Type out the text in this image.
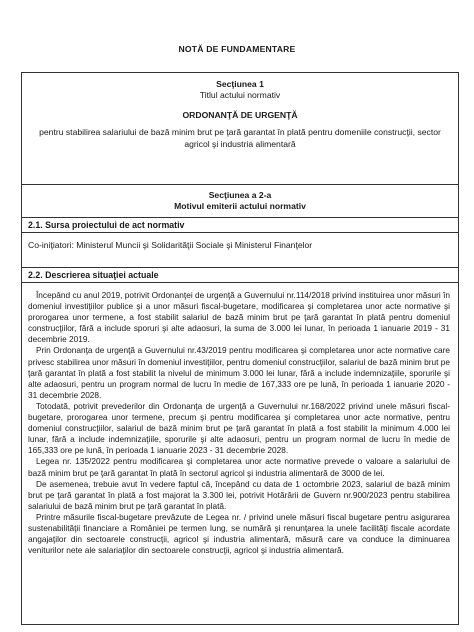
NOTĂ DE FUNDAMENTARE
Secţiunea 1
Titlul actului normativ
ORDONANŢĂ DE URGENŢĂ
pentru stabilirea salariului de bază minim brut pe ţară garantat în plată pentru domeniile construcţii, sector agricol şi industria alimentară
Secţiunea a 2-a
Motivul emiterii actului normativ
2.1. Sursa proiectului de act normativ
Co-iniţiatori: Ministerul Muncii şi Solidarităţii Sociale şi Ministerul Finanţelor
2.2. Descrierea situaţiei actuale

Începând cu anul 2019, potrivit Ordonanţei de urgenţă a Guvernului nr.114/2018 privind instituirea unor măsuri în domeniul investiţiilor publice şi a unor măsuri fiscal-bugetare, modificarea şi completarea unor acte normative şi prorogarea unor termene, a fost stabilit salariul de bază minim brut pe ţară garantat în plată pentru domeniul construcţiilor, fără a include sporuri şi alte adaosuri, la suma de 3.000 lei lunar, în perioada 1 ianuarie 2019 - 31 decembrie 2019.

Prin Ordonanţa de urgenţă a Guvernului nr.43/2019 pentru modificarea şi completarea unor acte normative care privesc stabilirea unor măsuri în domeniul investiţiilor, pentru domeniul construcţiilor, salariul de bază minim brut pe ţară garantat în plată a fost stabilit la nivelul de minimum 3.000 lei lunar, fără a include indemnizaţiile, sporurile şi alte adaosuri, pentru un program normal de lucru în medie de 167,333 ore pe lună, în perioada 1 ianuarie 2020 - 31 decembrie 2028.

Totodată, potrivit prevederilor din Ordonanţa de urgenţă a Guvernului nr.168/2022 privind unele măsuri fiscal-bugetare, prorogarea unor termene, precum şi pentru modificarea şi completarea unor acte normative, pentru domeniul construcţiilor, salariul de bază minim brut pe ţară garantat în plată a fost stabilit la minimum 4.000 lei lunar, fără a include indemnizaţiile, sporurile şi alte adaosuri, pentru un program normal de lucru în medie de 165,333 ore pe lună, în perioada 1 ianuarie 2023 - 31 decembrie 2028.

Legea nr. 135/2022 pentru modificarea şi completarea unor acte normative prevede o valoare a salariului de bază minim brut pe ţară garantat în plată în sectorul agricol şi industria alimentară de 3000 de lei.

De asemenea, trebuie avut în vedere faptul că, începând cu data de 1 octombrie 2023, salariul de bază minim brut pe ţară garantat în plată a fost majorat la 3.300 lei, potrivit Hotărârii de Guvern nr.900/2023 pentru stabilirea salariului de bază minim brut pe ţară garantat în plată.

Printre măsurile fiscal-bugetare prevăzute de Legea nr. / privind unele măsuri fiscal bugetare pentru asigurarea sustenabilităţii financiare a României pe termen lung, se numără şi renunţarea la unele facilităţi fiscale acordate angajaţilor din sectoarele construcţii, agricol şi industria alimentară, măsură care va conduce la diminuarea veniturilor nete ale salariaţilor din sectoarele construcţii, agricol şi industria alimentară.
